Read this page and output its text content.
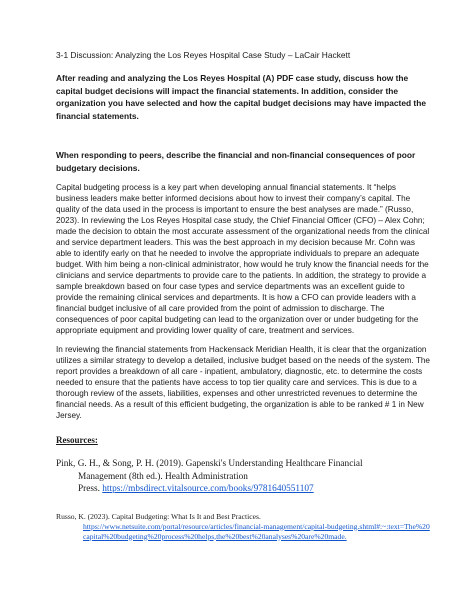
3-1 Discussion: Analyzing the Los Reyes Hospital Case Study – LaCair Hackett

After reading and analyzing the Los Reyes Hospital (A) PDF case study, discuss how the capital budget decisions will impact the financial statements. In addition, consider the organization you have selected and how the capital budget decisions may have impacted the financial statements.

When responding to peers, describe the financial and non-financial consequences of poor budgetary decisions.

Capital budgeting process is a key part when developing annual financial statements. It “helps business leaders make better informed decisions about how to invest their company’s capital. The quality of the data used in the process is important to ensure the best analyses are made.” (Russo, 2023). In reviewing the Los Reyes Hospital case study, the Chief Financial Officer (CFO) – Alex Cohn; made the decision to obtain the most accurate assessment of the organizational needs from the clinical and service department leaders. This was the best approach in my decision because Mr. Cohn was able to identify early on that he needed to involve the appropriate individuals to prepare an adequate budget. With him being a non-clinical administrator, how would he truly know the financial needs for the clinicians and service departments to provide care to the patients. In addition, the strategy to provide a sample breakdown based on four case types and service departments was an excellent guide to provide the remaining clinical services and departments. It is how a CFO can provide leaders with a financial budget inclusive of all care provided from the point of admission to discharge. The consequences of poor capital budgeting can lead to the organization over or under budgeting for the appropriate equipment and providing lower quality of care, treatment and services.

In reviewing the financial statements from Hackensack Meridian Health, it is clear that the organization utilizes a similar strategy to develop a detailed, inclusive budget based on the needs of the system. The report provides a breakdown of all care - inpatient, ambulatory, diagnostic, etc. to determine the costs needed to ensure that the patients have access to top tier quality care and services. This is due to a thorough review of the assets, liabilities, expenses and other unrestricted revenues to determine the financial needs. As a result of this efficient budgeting, the organization is able to be ranked # 1 in New Jersey.

Resources:

Pink, G. H., & Song, P. H. (2019). Gapenski's Understanding Healthcare Financial
Management (8th ed.). Health Administration
Press. https://mbsdirect.vitalsource.com/books/9781640551107

Russo, K. (2023). Capital Budgeting: What Is It and Best Practices.
https://www.netsuite.com/portal/resource/articles/financial-management/capital-budgeting.shtml#:~:text=The%20capital%20budgeting%20process%20helps,the%20best%20analyses%20are%20made.
